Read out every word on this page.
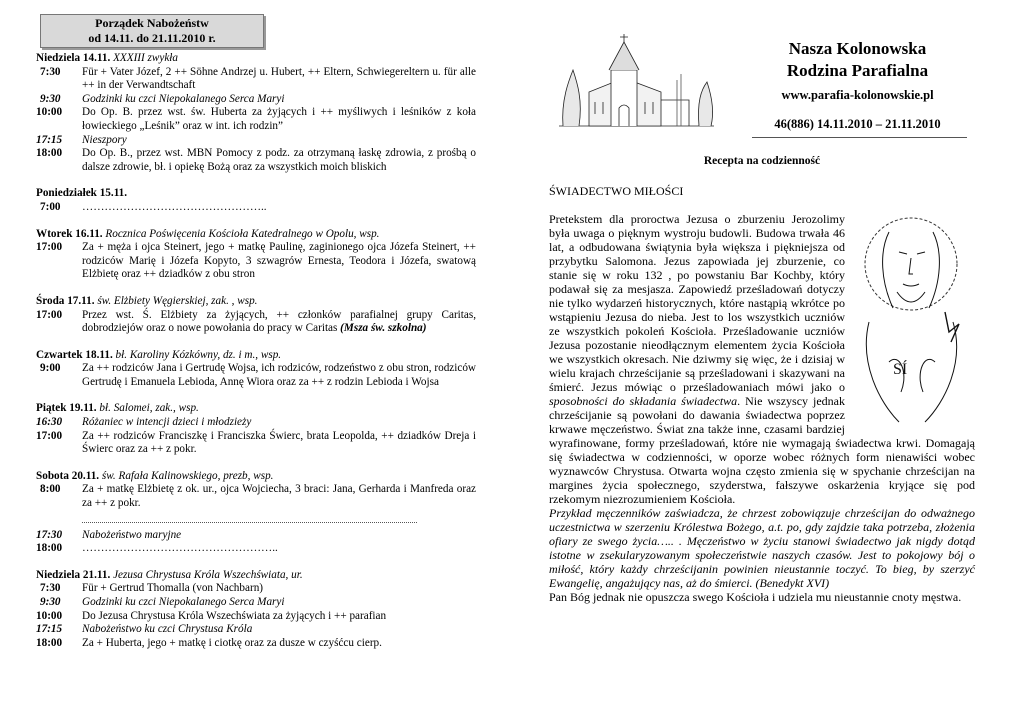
Porządek Nabożeństw
od 14.11. do 21.11.2010 r.
Niedziela 14.11. XXXIII zwykła
7:30	Für + Vater Józef, 2 ++ Söhne Andrzej u. Hubert, ++ Eltern, Schwiegereltern u. für alle ++ in der Verwandtschaft
9:30	Godzinki ku czci Niepokalanego Serca Maryi
10:00	Do Op. B. przez wst. św. Huberta za żyjących i ++ myśliwych i leśników z koła łowieckiego „Leśnik” oraz w int. ich rodzin”
17:15	Nieszpory
18:00	Do Op. B., przez wst. MBN Pomocy z podz. za otrzymaną łaskę zdrowia, z prośbą o dalsze zdrowie, bł. i opiekę Bożą oraz za wszystkich moich bliskich
Poniedziałek 15.11.
7:00	…………………………………………..
Wtorek 16.11. Rocznica Poświęcenia Kościoła Katedralnego w Opolu, wsp.
17:00	Za + męża i ojca Steinert, jego + matkę Paulinę, zaginionego ojca Józefa Steinert, ++ rodziców Marię i Józefa Kopyto, 3 szwagrów Ernesta, Teodora i Józefa, swatową Elżbietę oraz ++ dziadków z obu stron
Środa 17.11. św. Elżbiety Węgierskiej, zak. , wsp.
17:00	Przez wst. Ś. Elżbiety za żyjących, ++ członków parafialnej grupy Caritas, dobrodziejów oraz o nowe powołania do pracy w Caritas (Msza św. szkolna)
Czwartek 18.11. bł. Karoliny Kózkówny, dz. i m., wsp.
9:00	Za ++ rodziców Jana i Gertrudę Wojsa, ich rodziców, rodzeństwo z obu stron, rodziców Gertrudę i Emanuela Lebioda, Annę Wiora oraz za ++ z rodzin Lebioda i Wojsa
Piątek 19.11. bł. Salomei, zak., wsp.
16:30	Różaniec w intencji dzieci i młodzieży
17:00	Za ++ rodziców Franciszkę i Franciszka Świerc, brata Leopolda, ++ dziadków Dreja i Świerc oraz za ++ z pokr.
Sobota 20.11. św. Rafała Kalinowskiego, prezb, wsp.
8:00	Za + matkę Elżbietę z ok. ur., ojca Wojciecha, 3 braci: Jana, Gerharda i Manfreda oraz za ++ z pokr.
17:30	Nabożeństwo maryjne
18:00	……………………………………………..
Niedziela 21.11. Jezusa Chrystusa Króla Wszechświata, ur.
7:30	Für + Gertrud Thomalla (von Nachbarn)
9:30	Godzinki ku czci Niepokalanego Serca Maryi
10:00	Do Jezusa Chrystusa Króla Wszechświata za żyjących i ++ parafian
17:15	Nabożeństwo ku czci Chrystusa Króla
18:00	Za + Huberta, jego + matkę i ciotkę oraz za dusze w czyśćcu cierp.
Nasza Kolonowska
Rodzina Parafialna
www.parafia-kolonowskie.pl
46(886) 14.11.2010 – 21.11.2010
Recepta na codzienność
ŚWIADECTWO MIŁOŚCI
SÍ

Pretekstem dla proroctwa Jezusa o zburzeniu Jerozolimy była uwaga o pięknym wystroju budowli. Budowa trwała 46 lat, a odbudowana świątynia była większa i piękniejsza od przybytku Salomona. Jezus zapowiada jej zburzenie, co stanie się w roku 132 , po powstaniu Bar Kochby, który podawał się za mesjasza. Zapowiedź prześladowań dotyczy nie tylko wydarzeń historycznych, które nastąpią wkrótce po wstąpieniu Jezusa do nieba. Jest to los wszystkich uczniów ze wszystkich pokoleń Kościoła. Prześladowanie uczniów Jezusa pozostanie nieodłącznym elementem życia Kościoła we wszystkich okresach. Nie dziwmy się więc, że i dzisiaj w wielu krajach chrześcijanie są prześladowani i skazywani na śmierć. Jezus mówiąc o prześladowaniach mówi jako o sposobności do składania świadectwa. Nie wszyscy jednak chrześcijanie są powołani do dawania świadectwa poprzez krwawe męczeństwo. Świat zna także inne, czasami bardziej wyrafinowane, formy prześladowań, które nie wymagają świadectwa krwi. Domagają się świadectwa w codzienności, w oporze wobec różnych form nienawiści wobec wyznawców Chrystusa. Otwarta wojna często zmienia się w spychanie chrześcijan na margines życia społecznego, szyderstwa, fałszywe oskarżenia kryjące się pod rzekomym niezrozumieniem Kościoła.

Przykład męczenników zaświadcza, że chrzest zobowiązuje chrześcijan do odważnego uczestnictwa w szerzeniu Królestwa Bożego, a.t. po, gdy zajdzie taka potrzeba, złożenia ofiary ze swego życia….. . Męczeństwo w życiu stanowi świadectwo jak nigdy dotąd istotne w zsekularyzowanym społeczeństwie naszych czasów. Jest to pokojowy bój o miłość, który każdy chrześcijanin powinien nieustannie toczyć. To bieg, by szerzyć Ewangelię, angażujący nas, aż do śmierci. (Benedykt XVI)

Pan Bóg jednak nie opuszcza swego Kościoła i udziela mu nieustannie cnoty męstwa.
